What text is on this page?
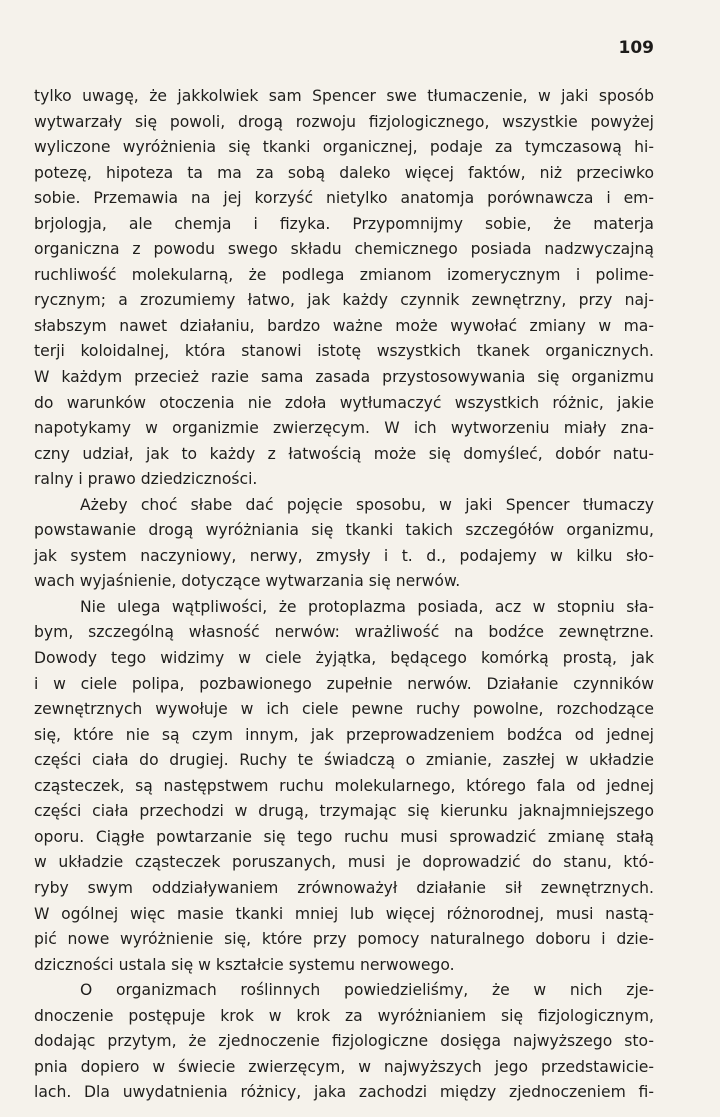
109
tylko uwagę, że jakkolwiek sam Spencer swe tłumaczenie, w jaki sposób
wytwarzały się powoli, drogą rozwoju fizjologicznego, wszystkie powyżej
wyliczone wyróżnienia się tkanki organicznej, podaje za tymczasową hi-
potezę, hipoteza ta ma za sobą daleko więcej faktów, niż przeciwko
sobie. Przemawia na jej korzyść nietylko anatomja porównawcza i em-
brjologja, ale chemja i fizyka. Przypomnijmy sobie, że materja
organiczna z powodu swego składu chemicznego posiada nadzwyczajną
ruchliwość molekularną, że podlega zmianom izomerycznym i polime-
rycznym; a zrozumiemy łatwo, jak każdy czynnik zewnętrzny, przy naj-
słabszym nawet działaniu, bardzo ważne może wywołać zmiany w ma-
terji koloidalnej, która stanowi istotę wszystkich tkanek organicznych.
W każdym przecież razie sama zasada przystosowywania się organizmu
do warunków otoczenia nie zdoła wytłumaczyć wszystkich różnic, jakie
napotykamy w organizmie zwierzęcym. W ich wytworzeniu miały zna-
czny udział, jak to każdy z łatwością może się domyśleć, dobór natu-
ralny i prawo dziedziczności.
Ażeby choć słabe dać pojęcie sposobu, w jaki Spencer tłumaczy
powstawanie drogą wyróżniania się tkanki takich szczegółów organizmu,
jak system naczyniowy, nerwy, zmysły i t. d., podajemy w kilku sło-
wach wyjaśnienie, dotyczące wytwarzania się nerwów.
Nie ulega wątpliwości, że protoplazma posiada, acz w stopniu sła-
bym, szczególną własność nerwów: wrażliwość na bodźce zewnętrzne.
Dowody tego widzimy w ciele żyjątka, będącego komórką prostą, jak
i w ciele polipa, pozbawionego zupełnie nerwów. Działanie czynników
zewnętrznych wywołuje w ich ciele pewne ruchy powolne, rozchodzące
się, które nie są czym innym, jak przeprowadzeniem bodźca od jednej
części ciała do drugiej. Ruchy te świadczą o zmianie, zaszłej w układzie
cząsteczek, są następstwem ruchu molekularnego, którego fala od jednej
części ciała przechodzi w drugą, trzymając się kierunku jaknajmniejszego
oporu. Ciągłe powtarzanie się tego ruchu musi sprowadzić zmianę stałą
w układzie cząsteczek poruszanych, musi je doprowadzić do stanu, któ-
ryby swym oddziaływaniem zrównoważył działanie sił zewnętrznych.
W ogólnej więc masie tkanki mniej lub więcej różnorodnej, musi nastą-
pić nowe wyróżnienie się, które przy pomocy naturalnego doboru i dzie-
dziczności ustala się w kształcie systemu nerwowego.
O organizmach roślinnych powiedzieliśmy, że w nich zje-
dnoczenie postępuje krok w krok za wyróżnianiem się fizjologicznym,
dodając przytym, że zjednoczenie fizjologiczne dosięga najwyższego sto-
pnia dopiero w świecie zwierzęcym, w najwyższych jego przedstawicie-
lach. Dla uwydatnienia różnicy, jaka zachodzi między zjednoczeniem fi-
